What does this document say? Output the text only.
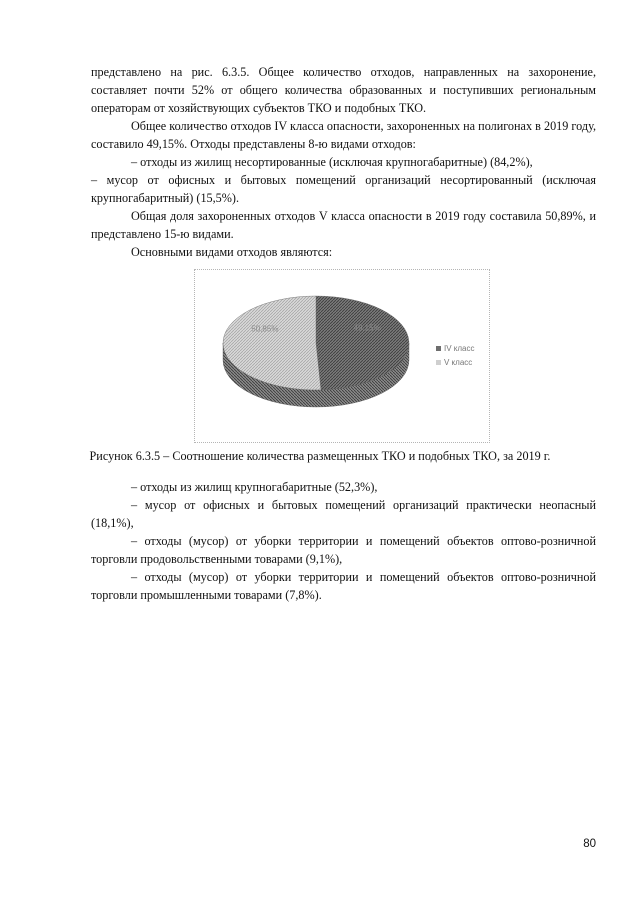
представлено на рис. 6.3.5. Общее количество отходов, направленных на захоронение, составляет почти 52% от общего количества образованных и поступивших региональным операторам от хозяйствующих субъектов ТКО и подобных ТКО.

Общее количество отходов IV класса опасности, захороненных на полигонах в 2019 году, составило 49,15%. Отходы представлены 8-ю видами отходов:

– отходы из жилищ несортированные (исключая крупногабаритные) (84,2%),

– мусор от офисных и бытовых помещений организаций несортированный (исключая крупногабаритный) (15,5%).

Общая доля захороненных отходов V класса опасности в 2019 году составила 50,89%, и представлено 15-ю видами.

Основными видами отходов являются:

49,15%
50,85%
IV класс
V класс
Рисунок 6.3.5 – Соотношение количества размещенных ТКО и подобных ТКО, за 2019 г.

– отходы из жилищ крупногабаритные (52,3%),

– мусор от офисных и бытовых помещений организаций практически неопасный (18,1%),

– отходы (мусор) от уборки территории и помещений объектов оптово-розничной торговли продовольственными товарами (9,1%),

– отходы (мусор) от уборки территории и помещений объектов оптово-розничной торговли промышленными товарами (7,8%).

80
